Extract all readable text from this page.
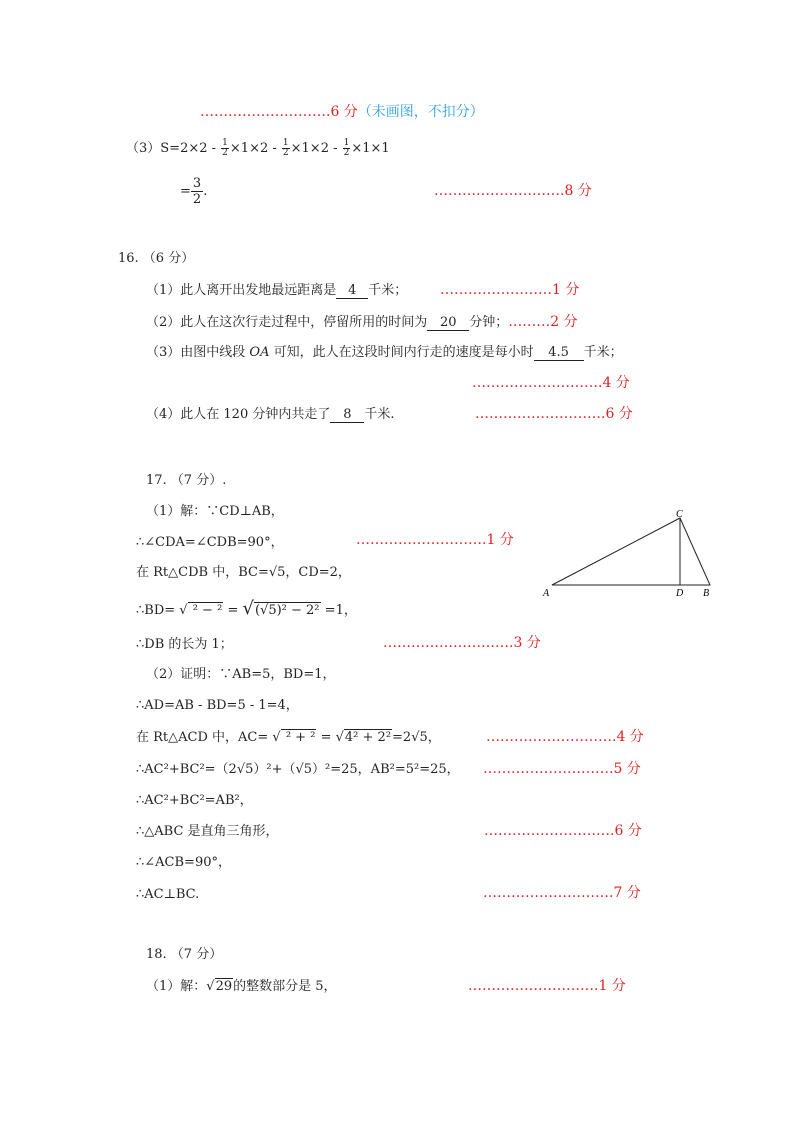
……………………….6 分（未画图，不扣分）
$(3)S=2\times 2 - \frac{1}{2} \times 1\times 2 - \frac{1}{2} \times 1\times 2 - \frac{1}{2} \times 1\times 1$
= $\frac{3}{2}$.	……………………….8 分
16. （6 分）
（1）此人离开出发地最远距离是 4 千米； ……………………1 分
（2）此人在这次行走过程中，停留所用的时间为 20 分钟；………2 分
（3）由图中线段 OA 可知，此人在这段时间内行走的速度是每小时 4.5 千米；
……………………….4 分
（4）此人在 120 分钟内共走了 8 千米.	……………………….6 分
17. （7 分）.
（1）解：∵CD⊥AB，
∴∠CDA=∠CDB=90°，	……………………….1 分
在 Rt△CDB 中，BC=√5，CD=2，
∴BD= √ ² − ² = √(√5)² − 2² =1，
∴DB 的长为 1；	……………………….3 分
（2）证明：∵AB=5，BD=1，
∴AD=AB - BD=5 - 1=4，
在 Rt△ACD 中，AC= √ ² + ² = √4² + 2²=2√5，	……………………….4 分
∴AC²+BC²=（2√5）²+（√5）²=25，AB²=5²=25， ……………………….5 分
∴AC²+BC²=AB²，
∴△ABC 是直角三角形，	……………………….6 分
∴∠ACB=90°，
∴AC⊥BC.	……………………….7 分
A	D B
C
18. （7 分）
（1）解：√29的整数部分是 5，	……………………….1 分
